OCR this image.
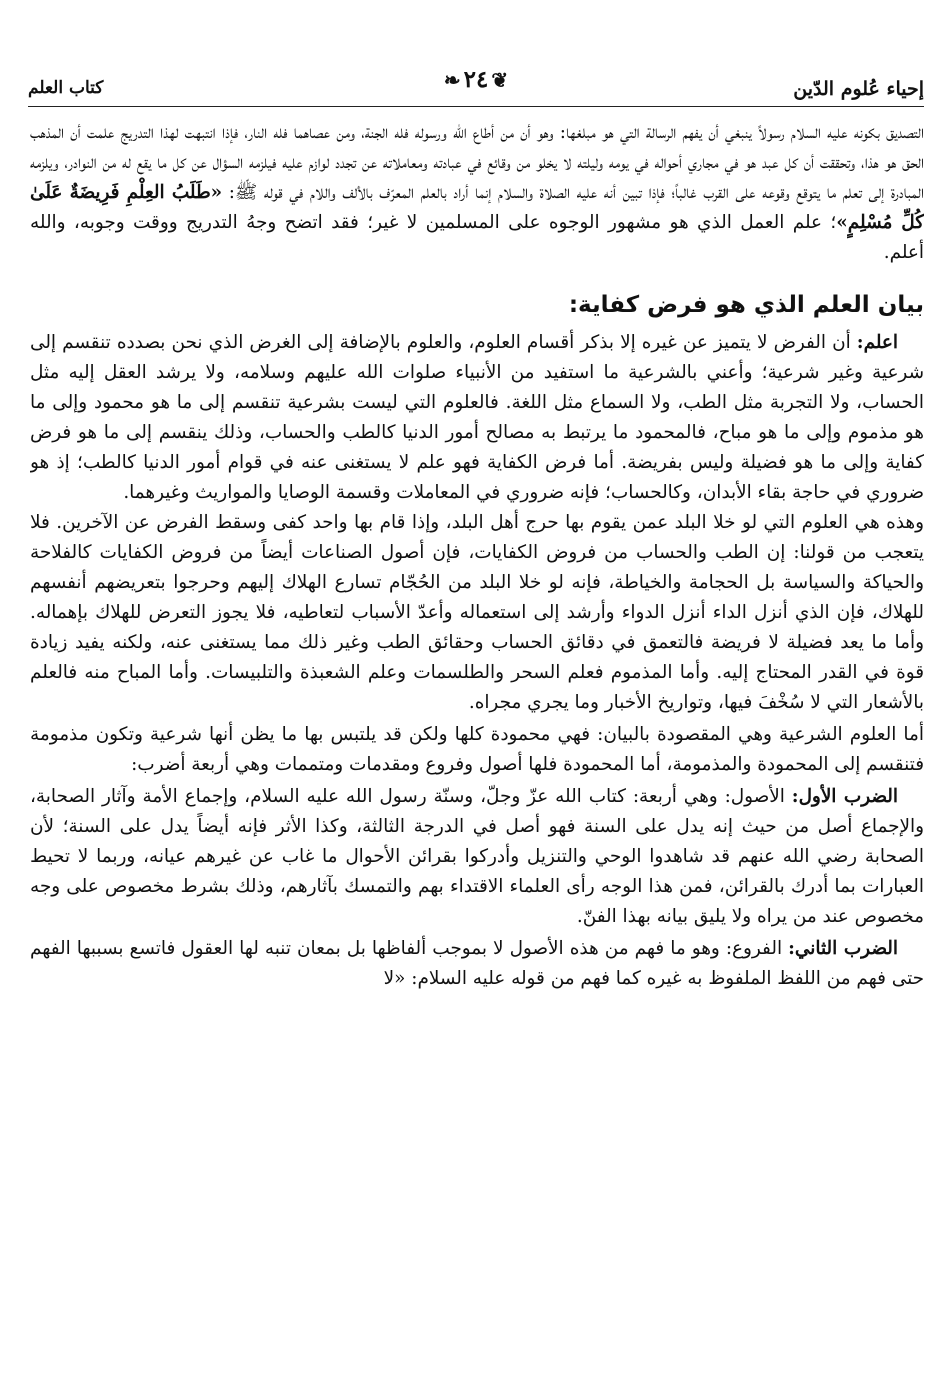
إحياء عُلوم الدّين
❦٢٤❧
كتاب العلم

التصديق بكونه عليه السلام رسولاً ينبغي أن يفهم الرسالة التي هو مبلغها: وهو أن من أطاع الله ورسوله فله الجنة، ومن عصاهما فله النار، فإذا انتبهت لهذا التدريج علمت أن المذهب الحق هو هذا، وتحققت أن كل عبد هو في مجاري أحواله في يومه وليلته لا يخلو من وقائع في عبادته ومعاملاته عن تجدد لوازم عليه فيلزمه السؤال عن كل ما يقع له من النوادر، ويلزمه المبادرة إلى تعلم ما يتوقع وقوعه على القرب غالباً؛ فإذا تبين أنه عليه الصلاة والسلام إنما أراد بالعلم المعرّف بالألف واللام في قوله ﷺ: «طَلَبُ العِلْمِ فَرِيضَةٌ عَلَىٰ كُلِّ مُسْلِمٍ»؛ علم العمل الذي هو مشهور الوجوه على المسلمين لا غير؛ فقد اتضح وجهُ التدريج ووقت وجوبه، والله أعلم.

بيان العلم الذي هو فرض كفاية:

اعلم: أن الفرض لا يتميز عن غيره إلا بذكر أقسام العلوم، والعلوم بالإضافة إلى الغرض الذي نحن بصدده تنقسم إلى شرعية وغير شرعية؛ وأعني بالشرعية ما استفيد من الأنبياء صلوات الله عليهم وسلامه، ولا يرشد العقل إليه مثل الحساب، ولا التجربة مثل الطب، ولا السماع مثل اللغة. فالعلوم التي ليست بشرعية تنقسم إلى ما هو محمود وإلى ما هو مذموم وإلى ما هو مباح، فالمحمود ما يرتبط به مصالح أمور الدنيا كالطب والحساب، وذلك ينقسم إلى ما هو فرض كفاية وإلى ما هو فضيلة وليس بفريضة. أما فرض الكفاية فهو علم لا يستغنى عنه في قوام أمور الدنيا كالطب؛ إذ هو ضروري في حاجة بقاء الأبدان، وكالحساب؛ فإنه ضروري في المعاملات وقسمة الوصايا والمواريث وغيرهما.

وهذه هي العلوم التي لو خلا البلد عمن يقوم بها حرج أهل البلد، وإذا قام بها واحد كفى وسقط الفرض عن الآخرين. فلا يتعجب من قولنا: إن الطب والحساب من فروض الكفايات، فإن أصول الصناعات أيضاً من فروض الكفايات كالفلاحة والحياكة والسياسة بل الحجامة والخياطة، فإنه لو خلا البلد من الحُجّام تسارع الهلاك إليهم وحرجوا بتعريضهم أنفسهم للهلاك، فإن الذي أنزل الداء أنزل الدواء وأرشد إلى استعماله وأعدّ الأسباب لتعاطيه، فلا يجوز التعرض للهلاك بإهماله. وأما ما يعد فضيلة لا فريضة فالتعمق في دقائق الحساب وحقائق الطب وغير ذلك مما يستغنى عنه، ولكنه يفيد زيادة قوة في القدر المحتاج إليه. وأما المذموم فعلم السحر والطلسمات وعلم الشعبذة والتلبيسات. وأما المباح منه فالعلم بالأشعار التي لا سُخْفَ فيها، وتواريخ الأخبار وما يجري مجراه.

أما العلوم الشرعية وهي المقصودة بالبيان: فهي محمودة كلها ولكن قد يلتبس بها ما يظن أنها شرعية وتكون مذمومة فتنقسم إلى المحمودة والمذمومة، أما المحمودة فلها أصول وفروع ومقدمات ومتممات وهي أربعة أضرب:

الضرب الأول: الأصول: وهي أربعة: كتاب الله عزّ وجلّ، وسنّة رسول الله عليه السلام، وإجماع الأمة وآثار الصحابة، والإجماع أصل من حيث إنه يدل على السنة فهو أصل في الدرجة الثالثة، وكذا الأثر فإنه أيضاً يدل على السنة؛ لأن الصحابة رضي الله عنهم قد شاهدوا الوحي والتنزيل وأدركوا بقرائن الأحوال ما غاب عن غيرهم عيانه، وربما لا تحيط العبارات بما أدرك بالقرائن، فمن هذا الوجه رأى العلماء الاقتداء بهم والتمسك بآثارهم، وذلك بشرط مخصوص على وجه مخصوص عند من يراه ولا يليق بيانه بهذا الفنّ.

الضرب الثاني: الفروع: وهو ما فهم من هذه الأصول لا بموجب ألفاظها بل بمعان تنبه لها العقول فاتسع بسببها الفهم حتى فهم من اللفظ الملفوظ به غيره كما فهم من قوله عليه السلام: «لا
